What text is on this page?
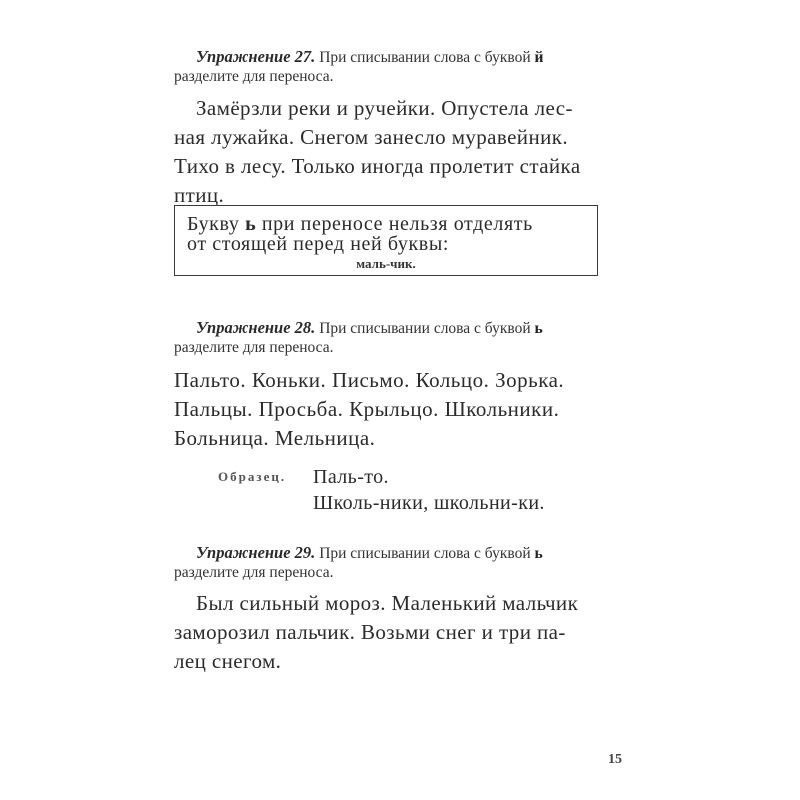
Упражнение 27. При списывании слова с буквой й
разделите для переноса.
Замёрзли реки и ручейки. Опустела лес-
ная лужайка. Снегом занесло муравейник.
Тихо в лесу. Только иногда пролетит стайка
птиц.
Букву ь при переносе нельзя отделять
от стоящей перед ней буквы:
маль-чик.
Упражнение 28. При списывании слова с буквой ь
разделите для переноса.
Пальто. Коньки. Письмо. Кольцо. Зорька.
Пальцы. Просьба. Крыльцо. Школьники.
Больница. Мельница.
Образец. Паль-то.
Школь-ники, школьни-ки.
Упражнение 29. При списывании слова с буквой ь
разделите для переноса.
Был сильный мороз. Маленький мальчик
заморозил пальчик. Возьми снег и три па-
лец снегом.
15
